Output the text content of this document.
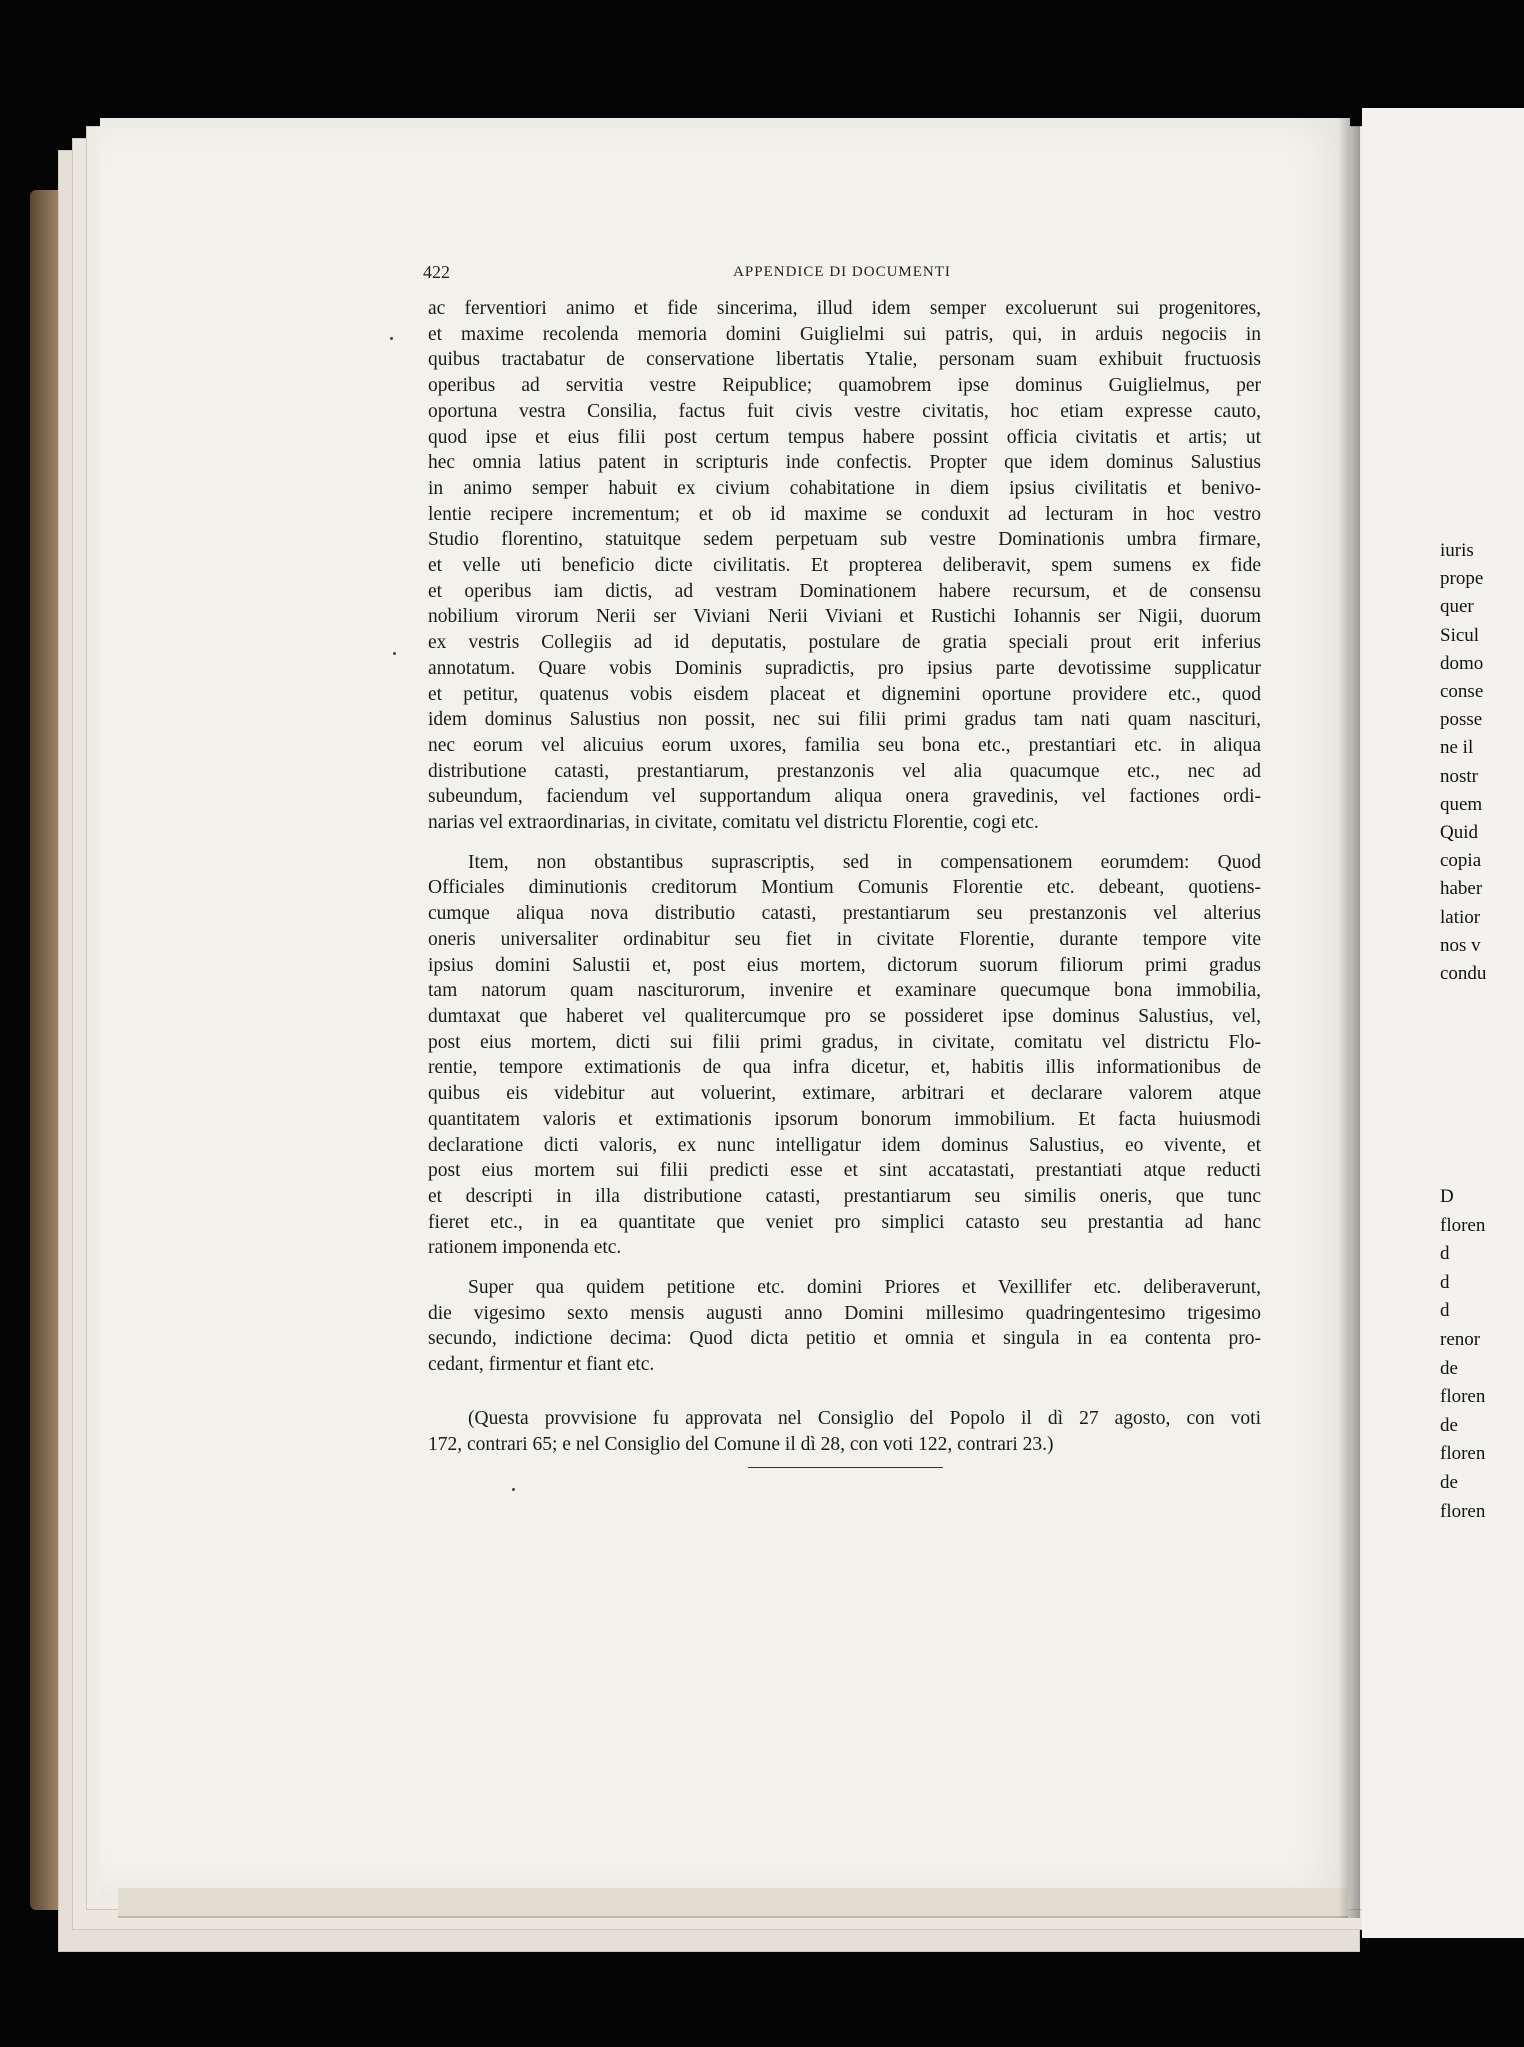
422	APPENDICE DI DOCUMENTI
ac ferventiori animo et fide sincerima, illud idem semper excoluerunt sui progenitores,
et maxime recolenda memoria domini Guiglielmi sui patris, qui, in arduis negociis in
quibus tractabatur de conservatione libertatis Ytalie, personam suam exhibuit fructuosis
operibus ad servitia vestre Reipublice; quamobrem ipse dominus Guiglielmus, per
oportuna vestra Consilia, factus fuit civis vestre civitatis, hoc etiam expresse cauto,
quod ipse et eius filii post certum tempus habere possint officia civitatis et artis; ut
hec omnia latius patent in scripturis inde confectis. Propter que idem dominus Salustius
in animo semper habuit ex civium cohabitatione in diem ipsius civilitatis et benivo-
lentie recipere incrementum; et ob id maxime se conduxit ad lecturam in hoc vestro
Studio florentino, statuitque sedem perpetuam sub vestre Dominationis umbra firmare,
et velle uti beneficio dicte civilitatis. Et propterea deliberavit, spem sumens ex fide
et operibus iam dictis, ad vestram Dominationem habere recursum, et de consensu
nobilium virorum Nerii ser Viviani Nerii Viviani et Rustichi Iohannis ser Nigii, duorum
ex vestris Collegiis ad id deputatis, postulare de gratia speciali prout erit inferius
annotatum. Quare vobis Dominis supradictis, pro ipsius parte devotissime supplicatur
et petitur, quatenus vobis eisdem placeat et dignemini oportune providere etc., quod
idem dominus Salustius non possit, nec sui filii primi gradus tam nati quam nascituri,
nec eorum vel alicuius eorum uxores, familia seu bona etc., prestantiari etc. in aliqua
distributione catasti, prestantiarum, prestanzonis vel alia quacumque etc., nec ad
subeundum, faciendum vel supportandum aliqua onera gravedinis, vel factiones ordi-
narias vel extraordinarias, in civitate, comitatu vel districtu Florentie, cogi etc.
Item, non obstantibus suprascriptis, sed in compensationem eorumdem: Quod
Officiales diminutionis creditorum Montium Comunis Florentie etc. debeant, quotiens-
cumque aliqua nova distributio catasti, prestantiarum seu prestanzonis vel alterius
oneris universaliter ordinabitur seu fiet in civitate Florentie, durante tempore vite
ipsius domini Salustii et, post eius mortem, dictorum suorum filiorum primi gradus
tam natorum quam nasciturorum, invenire et examinare quecumque bona immobilia,
dumtaxat que haberet vel qualitercumque pro se possideret ipse dominus Salustius, vel,
post eius mortem, dicti sui filii primi gradus, in civitate, comitatu vel districtu Flo-
rentie, tempore extimationis de qua infra dicetur, et, habitis illis informationibus de
quibus eis videbitur aut voluerint, extimare, arbitrari et declarare valorem atque
quantitatem valoris et extimationis ipsorum bonorum immobilium. Et facta huiusmodi
declaratione dicti valoris, ex nunc intelligatur idem dominus Salustius, eo vivente, et
post eius mortem sui filii predicti esse et sint accatastati, prestantiati atque reducti
et descripti in illa distributione catasti, prestantiarum seu similis oneris, que tunc
fieret etc., in ea quantitate que veniet pro simplici catasto seu prestantia ad hanc
rationem imponenda etc.
Super qua quidem petitione etc. domini Priores et Vexillifer etc. deliberaverunt,
die vigesimo sexto mensis augusti anno Domini millesimo quadringentesimo trigesimo
secundo, indictione decima: Quod dicta petitio et omnia et singula in ea contenta pro-
cedant, firmentur et fiant etc.
(Questa provvisione fu approvata nel Consiglio del Popolo il dì 27 agosto, con voti
172, contrari 65; e nel Consiglio del Comune il dì 28, con voti 122, contrari 23.)
iuris
prope
quer
Sicul
domo
conse
posse
ne il
nostr
quem
Quid
copia
haber
latior
nos v
condu
D
floren
d
d
d
renor
de
floren
de
floren
de
floren
